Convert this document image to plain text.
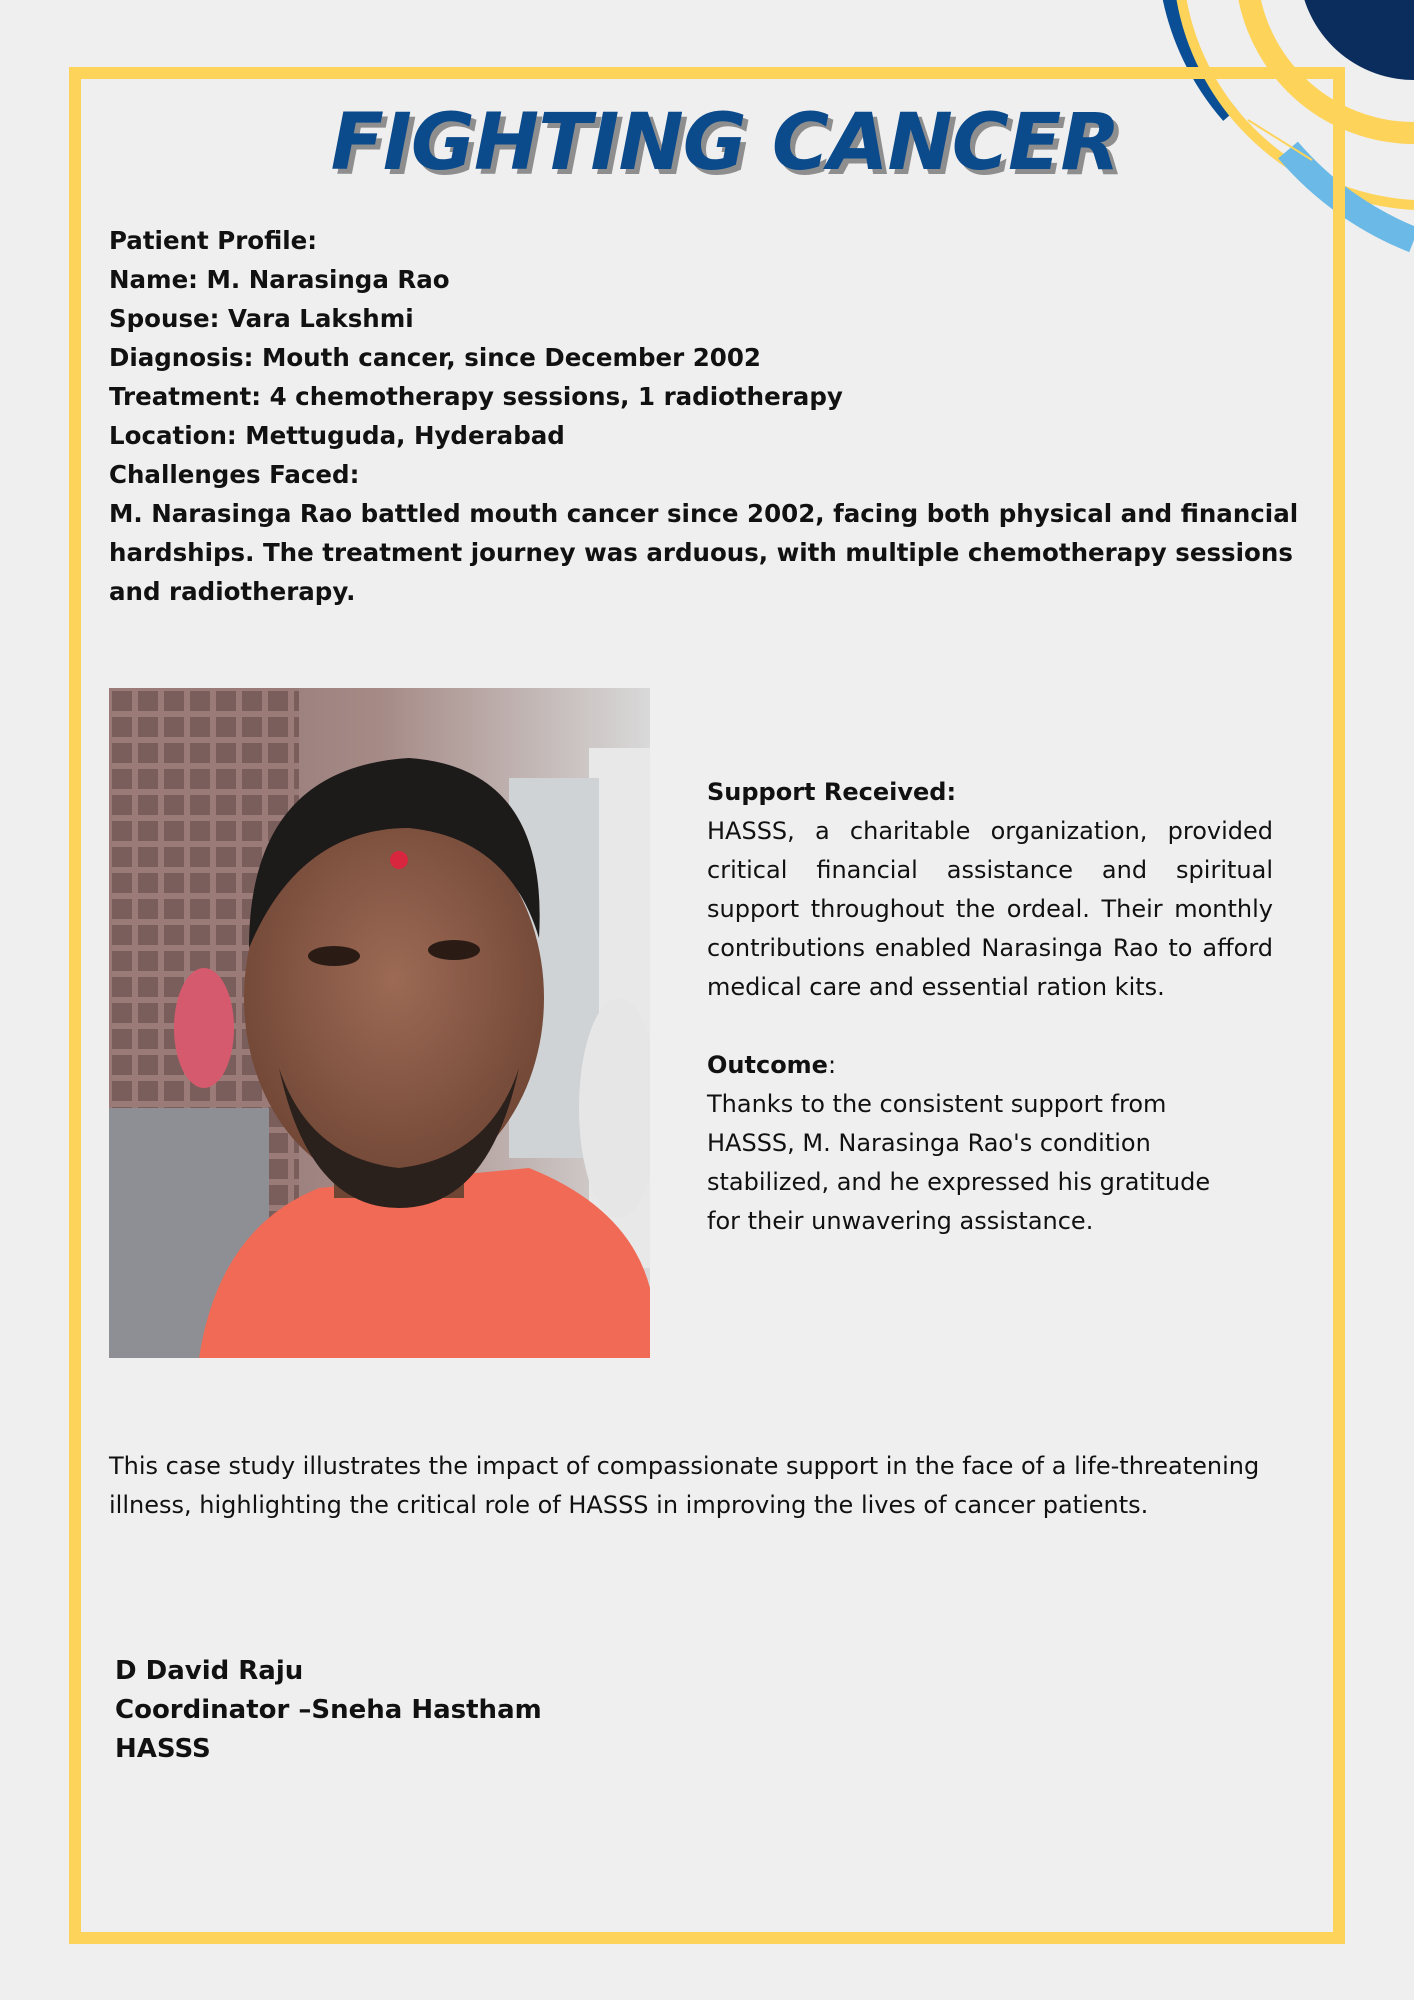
FIGHTING CANCER
Patient Profile:
Name: M. Narasinga Rao
Spouse: Vara Lakshmi
Diagnosis: Mouth cancer, since December 2002
Treatment: 4 chemotherapy sessions, 1 radiotherapy
Location: Mettuguda, Hyderabad
Challenges Faced:
M. Narasinga Rao battled mouth cancer since 2002, facing both physical and financial hardships. The treatment journey was arduous, with multiple chemotherapy sessions and radiotherapy.
Support Received:
HASSS, a charitable organization, provided critical financial assistance and spiritual support throughout the ordeal. Their monthly contributions enabled Narasinga Rao to afford medical care and essential ration kits.
Outcome:
Thanks to the consistent support from
HASSS, M. Narasinga Rao's condition
stabilized, and he expressed his gratitude
for their unwavering assistance.
This case study illustrates the impact of compassionate support in the face of a life-threatening illness, highlighting the critical role of HASSS in improving the lives of cancer patients.
D David Raju
Coordinator –Sneha Hastham
HASSS
